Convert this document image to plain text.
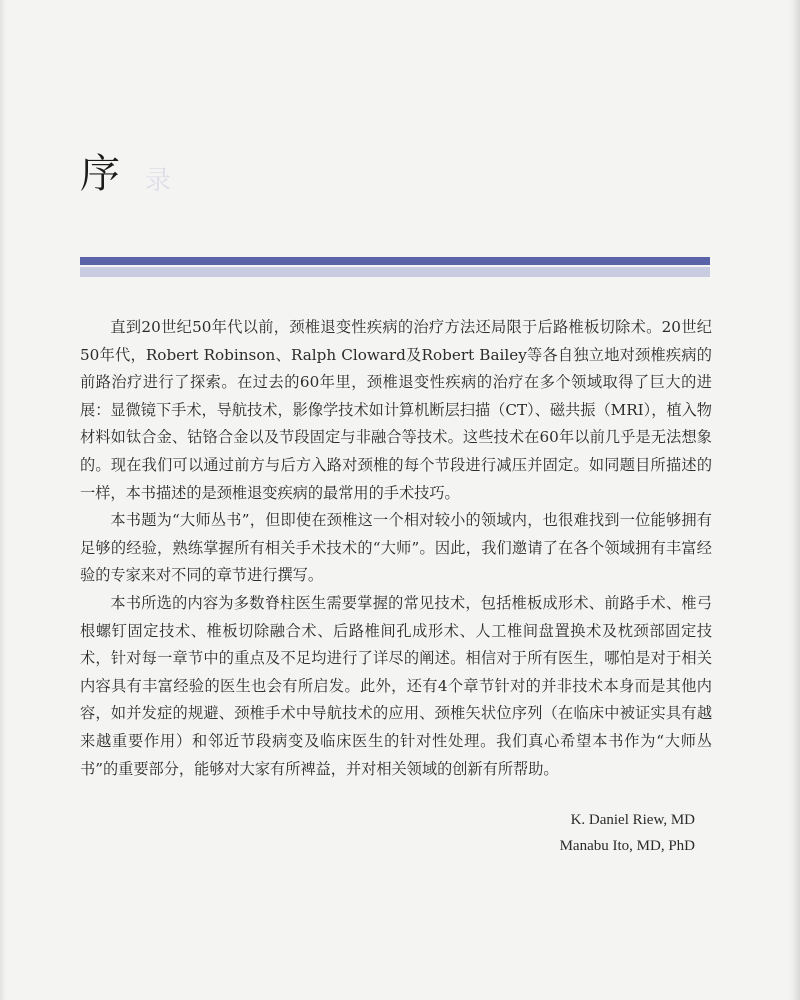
录
序

直到20世纪50年代以前，颈椎退变性疾病的治疗方法还局限于后路椎板切除术。20世纪50年代，Robert Robinson、Ralph Cloward及Robert Bailey等各自独立地对颈椎疾病的前路治疗进行了探索。在过去的60年里，颈椎退变性疾病的治疗在多个领域取得了巨大的进展：显微镜下手术，导航技术，影像学技术如计算机断层扫描（CT）、磁共振（MRI），植入物材料如钛合金、钴铬合金以及节段固定与非融合等技术。这些技术在60年以前几乎是无法想象的。现在我们可以通过前方与后方入路对颈椎的每个节段进行减压并固定。如同题目所描述的一样，本书描述的是颈椎退变疾病的最常用的手术技巧。

本书题为“大师丛书”，但即使在颈椎这一个相对较小的领域内，也很难找到一位能够拥有足够的经验，熟练掌握所有相关手术技术的“大师”。因此，我们邀请了在各个领域拥有丰富经验的专家来对不同的章节进行撰写。

本书所选的内容为多数脊柱医生需要掌握的常见技术，包括椎板成形术、前路手术、椎弓根螺钉固定技术、椎板切除融合术、后路椎间孔成形术、人工椎间盘置换术及枕颈部固定技术，针对每一章节中的重点及不足均进行了详尽的阐述。相信对于所有医生，哪怕是对于相关内容具有丰富经验的医生也会有所启发。此外，还有4个章节针对的并非技术本身而是其他内容，如并发症的规避、颈椎手术中导航技术的应用、颈椎矢状位序列（在临床中被证实具有越来越重要作用）和邻近节段病变及临床医生的针对性处理。我们真心希望本书作为“大师丛书”的重要部分，能够对大家有所裨益，并对相关领域的创新有所帮助。

K. Daniel Riew, MD
Manabu Ito, MD, PhD
